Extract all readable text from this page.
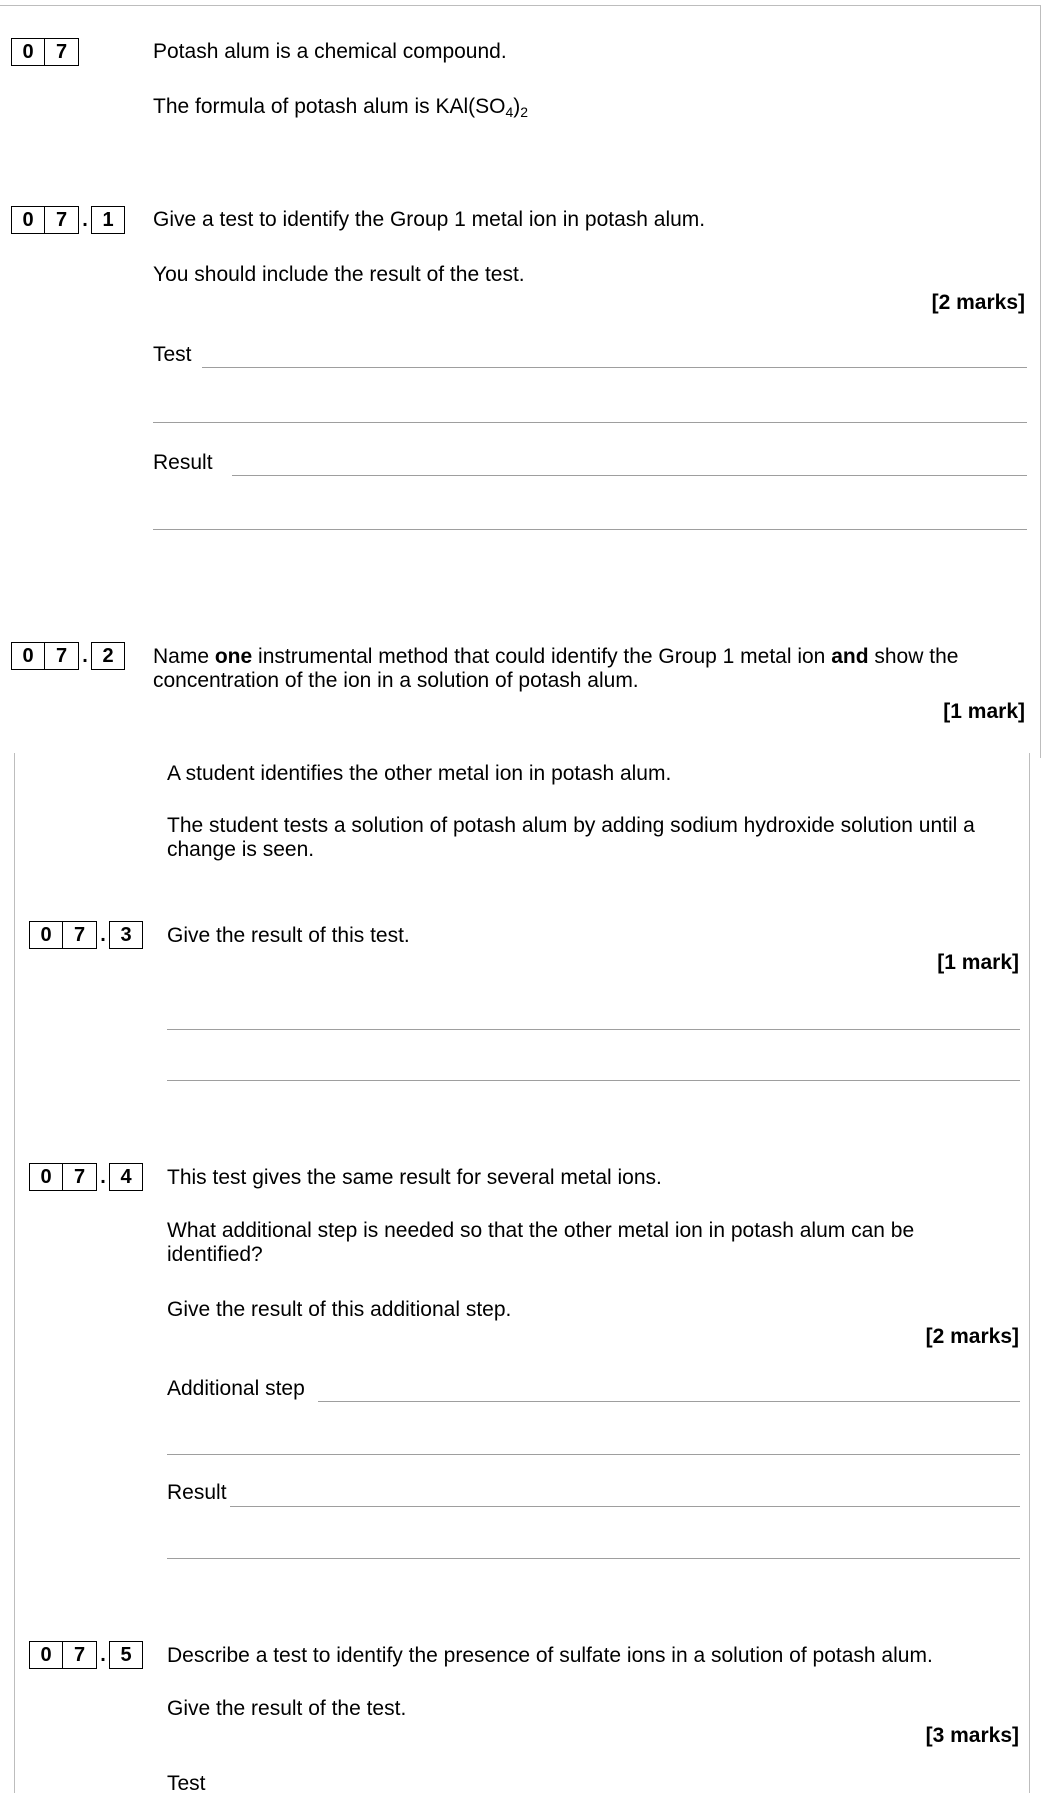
0	7	Potash alum is a chemical compound.
The formula of potash alum is $KAl(SO_4)_2$
0	7 . 1	Give a test to identify the Group 1 metal ion in potash alum.
You should include the result of the test.
[2 marks]
Test
Result
0	7 . 2	Name one instrumental method that could identify the Group 1 metal ion and show the concentration of the ion in a solution of potash alum.
[1 mark]
A student identifies the other metal ion in potash alum.
The student tests a solution of potash alum by adding sodium hydroxide solution until a change is seen.
0	7 . 3	Give the result of this test.
[1 mark]
0	7 . 4	This test gives the same result for several metal ions.
What additional step is needed so that the other metal ion in potash alum can be identified?
Give the result of this additional step.
[2 marks]
Additional step
Result
0	7 . 5	Describe a test to identify the presence of sulfate ions in a solution of potash alum.
Give the result of the test.
[3 marks]
Test
